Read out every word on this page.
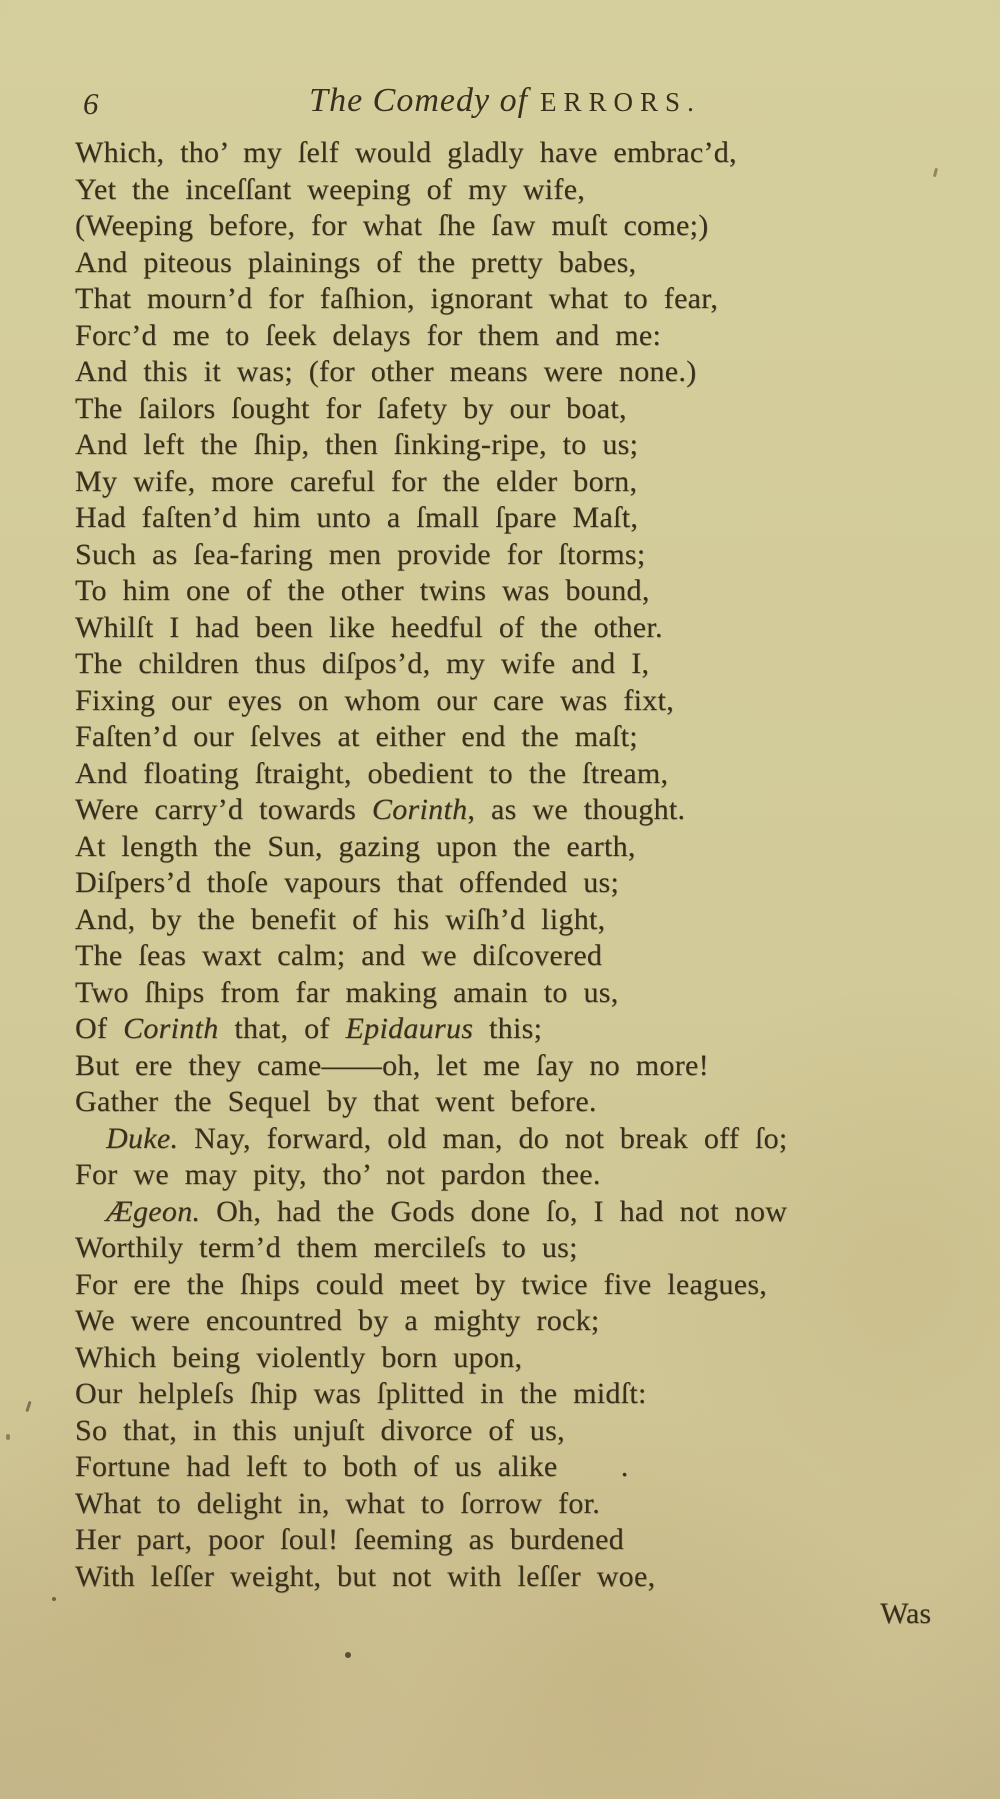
6	The Comedy of ERRORS.
Which, tho’ my ſelf would gladly have embrac’d,
Yet the inceſſant weeping of my wife,
(Weeping before, for what ſhe ſaw muſt come;)
And piteous plainings of the pretty babes,
That mourn’d for faſhion, ignorant what to fear,
Forc’d me to ſeek delays for them and me:
And this it was; (for other means were none.)
The ſailors ſought for ſafety by our boat,
And left the ſhip, then ſinking-ripe, to us;
My wife, more careful for the elder born,
Had faſten’d him unto a ſmall ſpare Maſt,
Such as ſea-faring men provide for ſtorms;
To him one of the other twins was bound,
Whilſt I had been like heedful of the other.
The children thus diſpos’d, my wife and I,
Fixing our eyes on whom our care was fixt,
Faſten’d our ſelves at either end the maſt;
And floating ſtraight, obedient to the ſtream,
Were carry’d towards Corinth, as we thought.
At length the Sun, gazing upon the earth,
Diſpers’d thoſe vapours that offended us;
And, by the benefit of his wiſh’d light,
The ſeas waxt calm; and we diſcovered
Two ſhips from far making amain to us,
Of Corinth that, of Epidaurus this;
But ere they came——oh, let me ſay no more!
Gather the Sequel by that went before.
Duke. Nay, forward, old man, do not break off ſo;
For we may pity, tho’ not pardon thee.
Ægeon. Oh, had the Gods done ſo, I had not now
Worthily term’d them mercileſs to us;
For ere the ſhips could meet by twice five leagues,
We were encountred by a mighty rock;
Which being violently born upon,
Our helpleſs ſhip was ſplitted in the midſt:
So that, in this unjuſt divorce of us,
Fortune had left to both of us alike    .
What to delight in, what to ſorrow for.
Her part, poor ſoul! ſeeming as burdened
With leſſer weight, but not with leſſer woe,
Was
